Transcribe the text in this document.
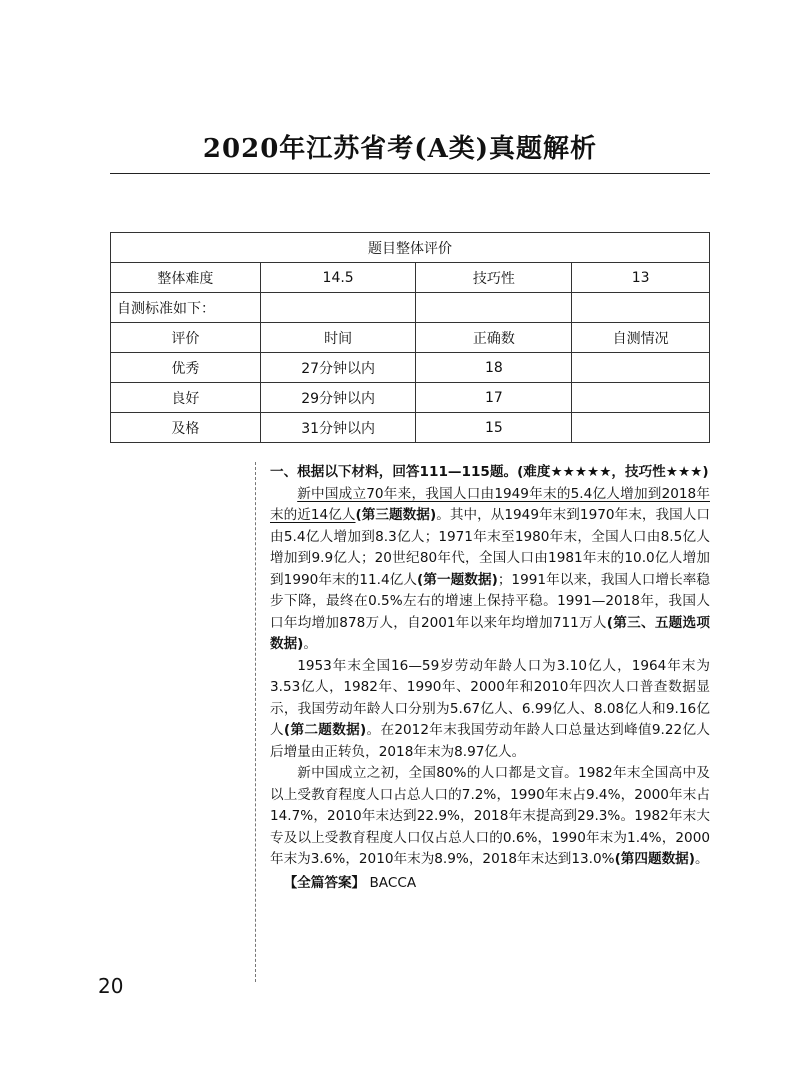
2020年江苏省考(A类)真题解析
题目整体评价			
整体难度	14.5	技巧性	13
自测标准如下：			
评价	时间	正确数	自测情况
优秀	27分钟以内	18	
良好	29分钟以内	17	
及格	31分钟以内	15	

一、根据以下材料，回答111—115题。(难度★★★★★，技巧性★★★)

新中国成立70年来，我国人口由1949年末的5.4亿人增加到2018年末的近14亿人(第三题数据)。其中，从1949年末到1970年末，我国人口由5.4亿人增加到8.3亿人；1971年末至1980年末，全国人口由8.5亿人增加到9.9亿人；20世纪80年代，全国人口由1981年末的10.0亿人增加到1990年末的11.4亿人(第一题数据)；1991年以来，我国人口增长率稳步下降，最终在0.5%左右的增速上保持平稳。1991—2018年，我国人口年均增加878万人，自2001年以来年均增加711万人(第三、五题选项数据)。

1953年末全国16—59岁劳动年龄人口为3.10亿人，1964年末为3.53亿人，1982年、1990年、2000年和2010年四次人口普查数据显示，我国劳动年龄人口分别为5.67亿人、6.99亿人、8.08亿人和9.16亿人(第二题数据)。在2012年末我国劳动年龄人口总量达到峰值9.22亿人后增量由正转负，2018年末为8.97亿人。

新中国成立之初，全国80%的人口都是文盲。1982年末全国高中及以上受教育程度人口占总人口的7.2%，1990年末占9.4%，2000年末占14.7%，2010年末达到22.9%，2018年末提高到29.3%。1982年末大专及以上受教育程度人口仅占总人口的0.6%，1990年末为1.4%，2000年末为3.6%，2010年末为8.9%，2018年末达到13.0%(第四题数据)。

【全篇答案】 BACCA

20
